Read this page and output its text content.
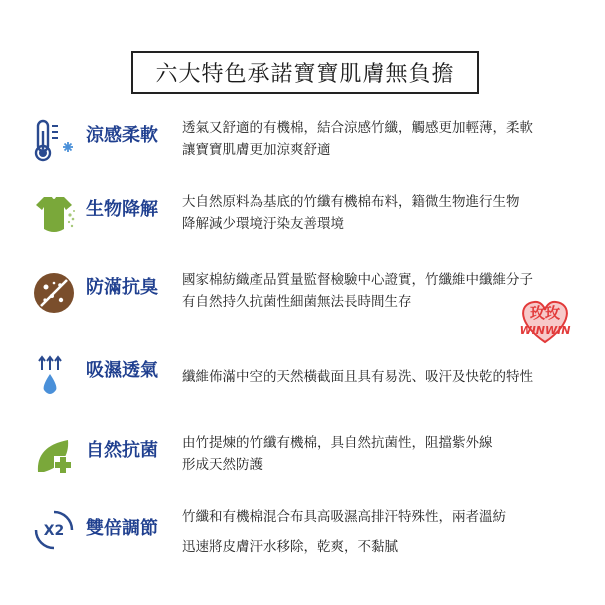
六大特色承諾寶寶肌膚無負擔
涼感柔軟	透氣又舒適的有機棉，結合涼感竹纖，觸感更加輕薄，柔軟
讓寶寶肌膚更加涼爽舒適
生物降解	大自然原料為基底的竹纖有機棉布料，籍微生物進行生物
降解減少環境汙染友善環境
防滿抗臭	國家棉紡織產品質量監督檢驗中心證實，竹纖維中纖維分子
有自然持久抗菌性細菌無法長時間生存
吸濕透氣	纖維佈滿中空的天然橫截面且具有易洗、吸汗及快乾的特性
自然抗菌	由竹提煉的竹纖有機棉，具自然抗菌性，阻擋紫外線
形成天然防護
X2 雙倍調節
竹纖和有機棉混合布具高吸濕高排汗特殊性，兩者溫紡
迅速將皮膚汗水移除，乾爽，不黏膩
玫玫
WINWIN
